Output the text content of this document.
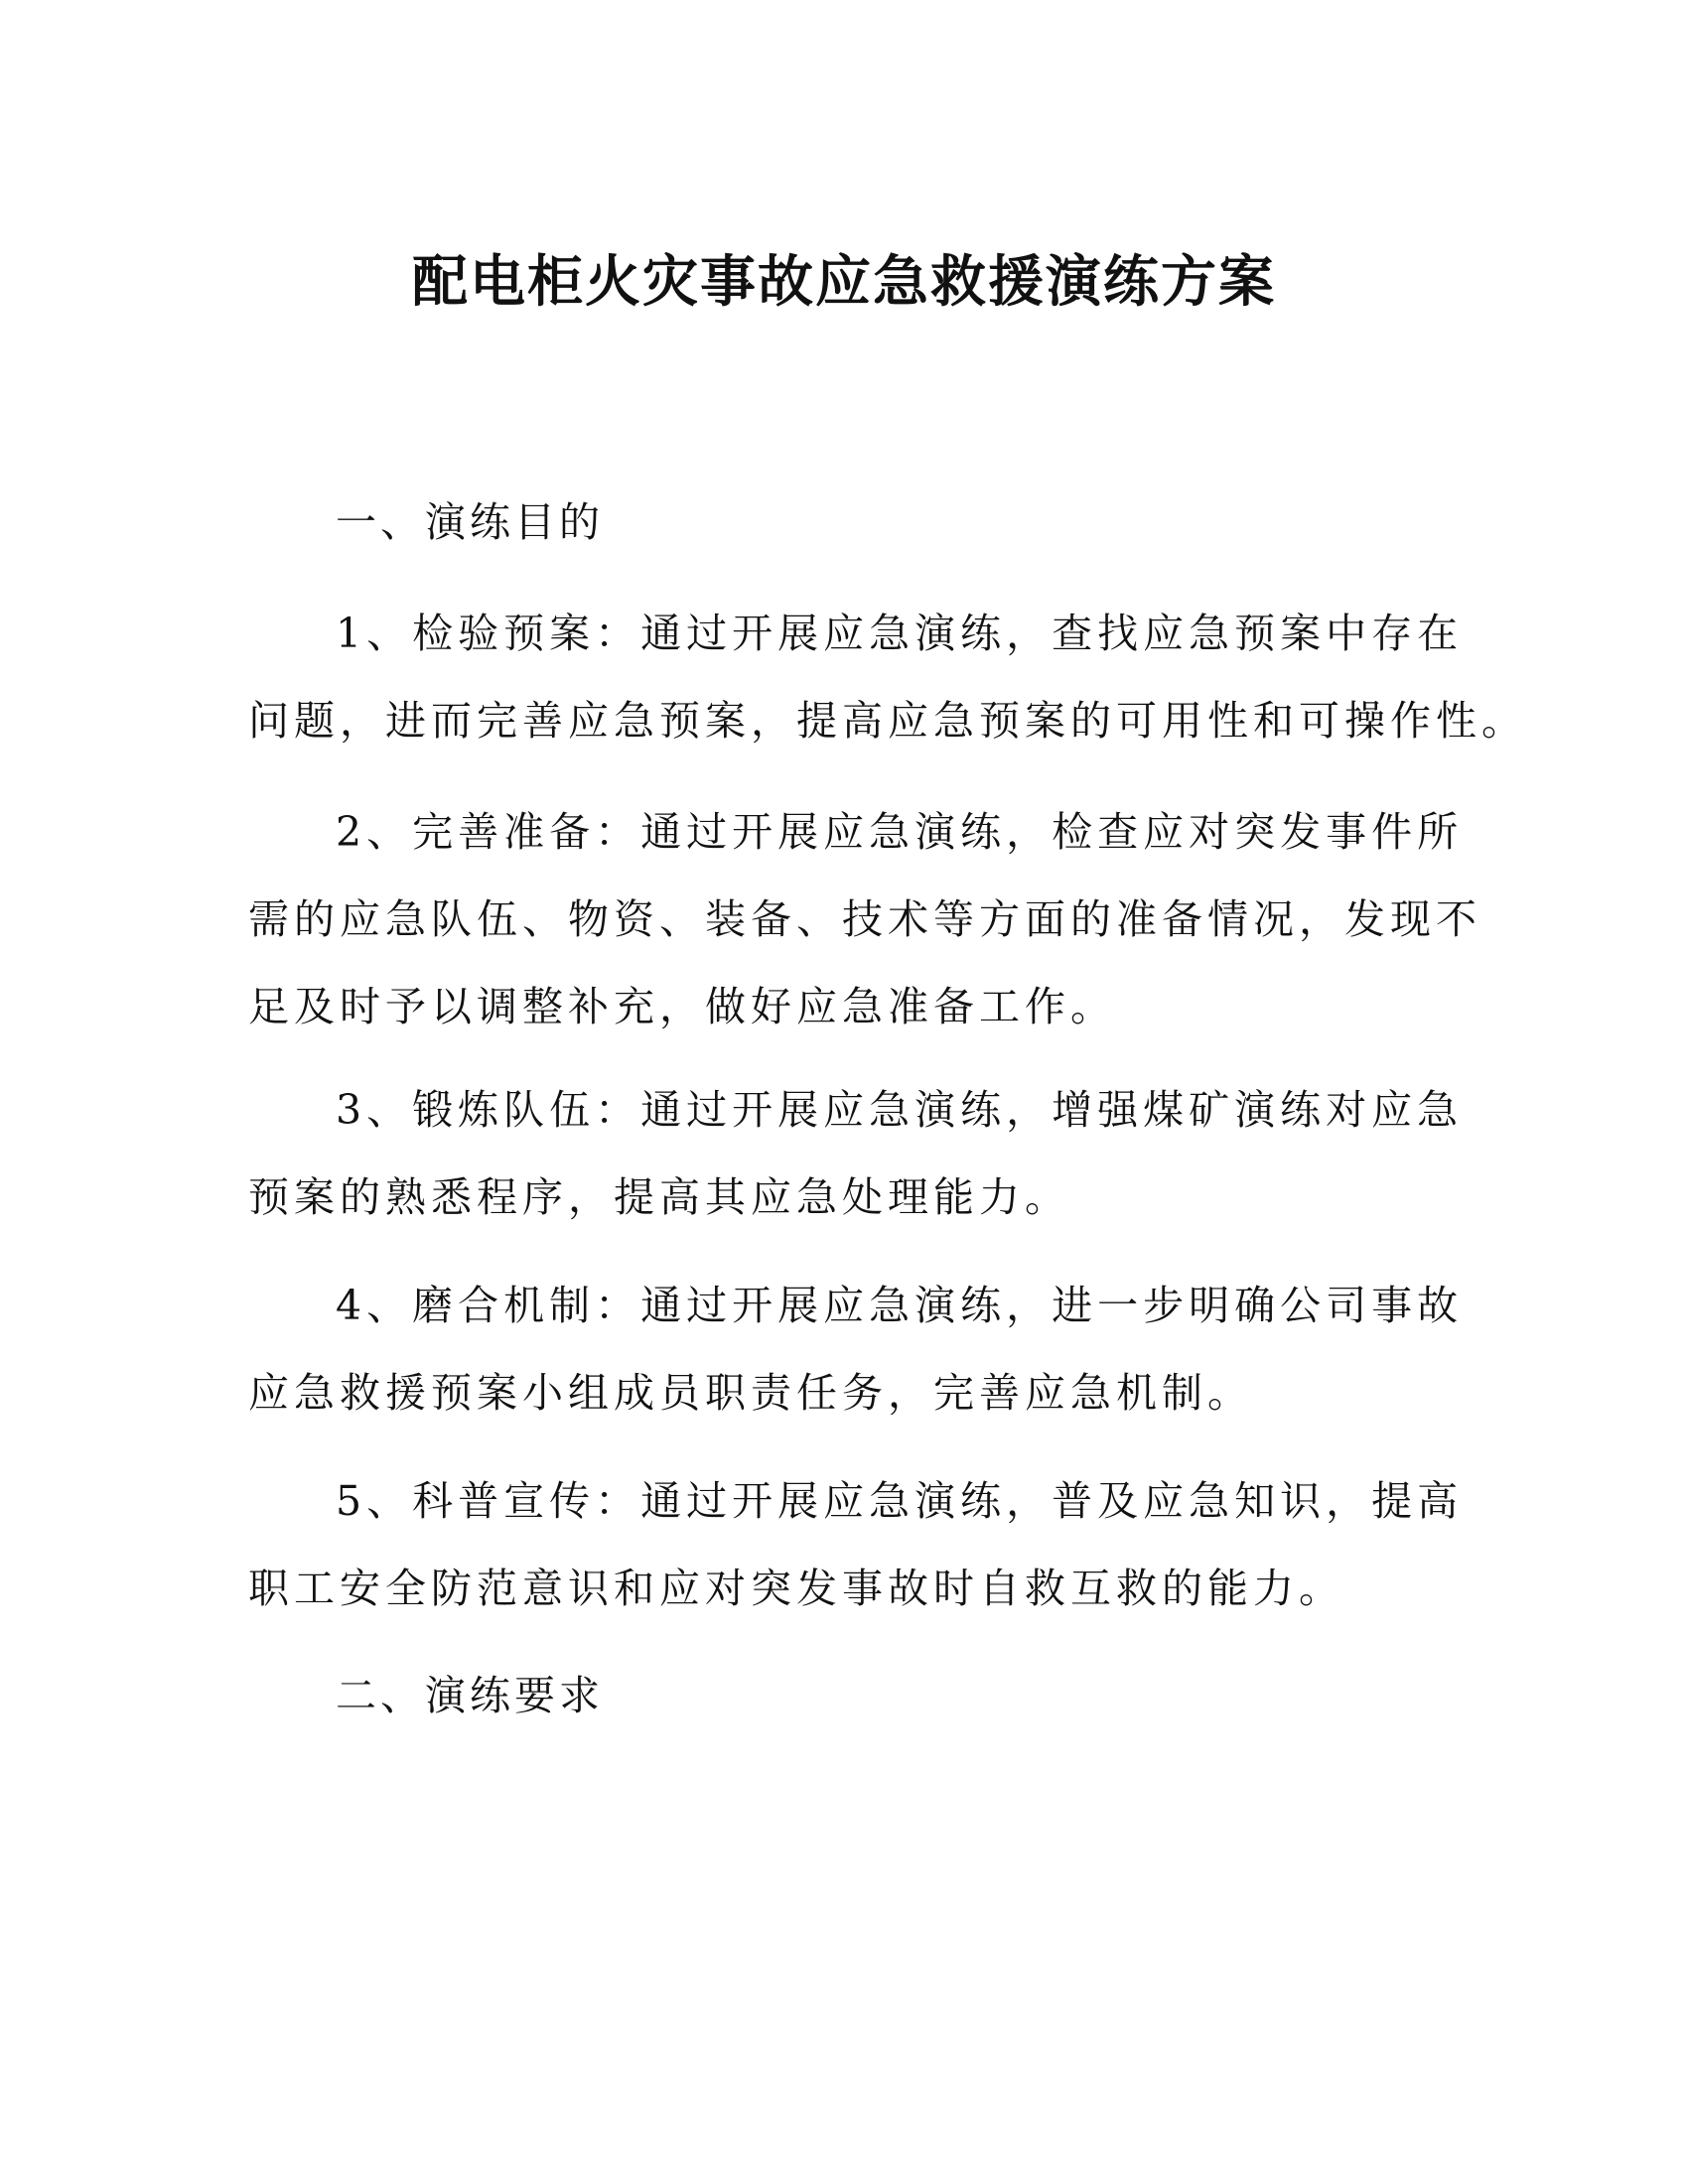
配电柜火灾事故应急救援演练方案

一、演练目的

1、检验预案：通过开展应急演练，查找应急预案中存在
问题，进而完善应急预案，提高应急预案的可用性和可操作性。
2、完善准备：通过开展应急演练，检查应对突发事件所
需的应急队伍、物资、装备、技术等方面的准备情况，发现不
足及时予以调整补充，做好应急准备工作。
3、锻炼队伍：通过开展应急演练，增强煤矿演练对应急
预案的熟悉程序，提高其应急处理能力。
4、磨合机制：通过开展应急演练，进一步明确公司事故
应急救援预案小组成员职责任务，完善应急机制。
5、科普宣传：通过开展应急演练，普及应急知识，提高
职工安全防范意识和应对突发事故时自救互救的能力。

二、演练要求
